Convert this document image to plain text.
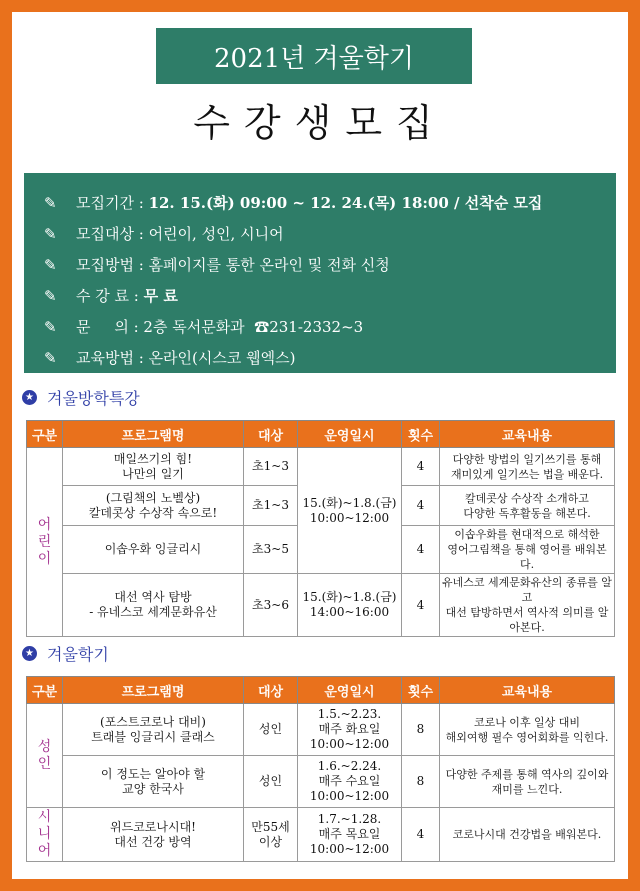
2021년 겨울학기
수강생모집
✎	모집기간 : 12. 15.(화) 09:00 ~ 12. 24.(목) 18:00 / 선착순 모집
✎	모집대상 : 어린이, 성인, 시니어
✎	모집방법 : 홈페이지를 통한 온라인 및 전화 신청
✎	수 강 료 : 무 료
✎	문     의 : 2층 독서문화과  ☎231-2332~3
✎	교육방법 : 온라인(시스코 웹엑스)
★ 겨울방학특강
구분	프로그램명	대상	운영일시	횟수	교육내용
어
린
이	매일쓰기의 힘!
나만의 일기	초1~3	15.(화)~1.8.(금)
10:00~12:00	4	다양한 방법의 일기쓰기를 통해
재미있게 일기쓰는 법을 배운다.

	(그림책의 노벨상)
칼데콧상 수상작 속으로!	초1~3		4	칼데콧상 수상작 소개하고
다양한 독후활동을 해본다.

	이솝우화 잉글리시	초3~5		4	이솝우화를 현대적으로 해석한
영어그림책을 통해 영어를 배워본다.

	대선 역사 탐방
- 유네스코 세계문화유산	초3~6	15.(화)~1.8.(금)
14:00~16:00	4	유네스코 세계문화유산의 종류를 알고
대선 탐방하면서 역사적 의미를 알아본다.
★ 겨울학기
구분	프로그램명	대상	운영일시	횟수	교육내용
성
인	(포스트코로나 대비)
트래블 잉글리시 클래스	성인	1.5.~2.23.
매주 화요일
10:00~12:00	8	코로나 이후 일상 대비
해외여행 필수 영어회화를 익힌다.

	이 정도는 알아야 할
교양 한국사	성인	1.6.~2.24.
매주 수요일
10:00~12:00	8	다양한 주제를 통해 역사의 깊이와
재미를 느낀다.

시
니
어	위드코로나시대!
대선 건강 방역	만55세
이상	1.7.~1.28.
매주 목요일
10:00~12:00	4	코로나시대 건강법을 배워본다.
